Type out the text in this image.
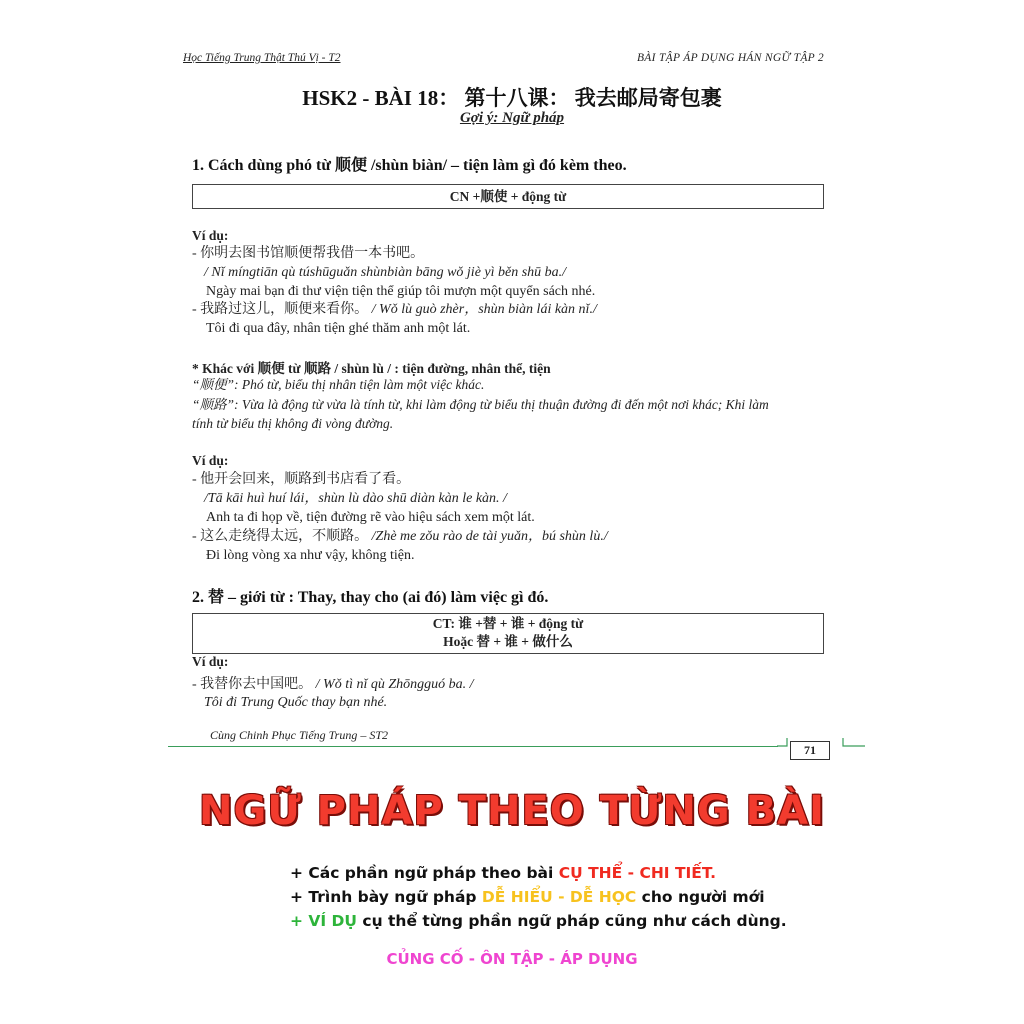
Học Tiếng Trung Thật Thú Vị - T2	BÀI TẬP ÁP DỤNG HÁN NGỮ TẬP 2
HSK2 - BÀI 18： 第十八课： 我去邮局寄包裹
Gợi ý: Ngữ pháp
1. Cách dùng phó từ 顺便 /shùn biàn/ – tiện làm gì đó kèm theo.
CN +顺使 + động từ
Ví dụ:
- 你明去图书馆顺便帮我借一本书吧。
/ Nǐ míngtiān qù túshūguǎn shùnbiàn bāng wǒ jiè yì běn shū ba./
Ngày mai bạn đi thư viện tiện thể giúp tôi mượn một quyển sách nhé.
- 我路过这儿，顺便来看你。 / Wǒ lù guò zhèr，shùn biàn lái kàn nǐ./
Tôi đi qua đây, nhân tiện ghé thăm anh một lát.
* Khác với 顺便 từ 顺路 / shùn lù / : tiện đường, nhân thể, tiện
“顺便”: Phó từ, biểu thị nhân tiện làm một việc khác.
“顺路”: Vừa là động từ vừa là tính từ, khi làm động từ biểu thị thuận đường đi đến một nơi khác; Khi làm tính từ biểu thị không đi vòng đường.
Ví dụ:
- 他开会回来，顺路到书店看了看。
/Tā kāi huì huí lái，shùn lù dào shū diàn kàn le kàn. /
Anh ta đi họp về, tiện đường rẽ vào hiệu sách xem một lát.
- 这么走绕得太远，不顺路。 /Zhè me zǒu rào de tài yuǎn，bú shùn lù./
Đi lòng vòng xa như vậy, không tiện.
2. 替 – giới từ : Thay, thay cho (ai đó) làm việc gì đó.
CT: 谁 +替 + 谁 + động từ
Hoặc 替 + 谁 + 做什么
Ví dụ:
- 我替你去中国吧。 / Wǒ tì nǐ qù Zhōngguó ba. /
Tôi đi Trung Quốc thay bạn nhé.
Cùng Chinh Phục Tiếng Trung – ST2
71
NGỮ PHÁP THEO TỪNG BÀI
+ Các phần ngữ pháp theo bài CỤ THỂ - CHI TIẾT.
+ Trình bày ngữ pháp DỄ HIỂU - DỄ HỌC cho người mới
+ VÍ DỤ cụ thể từng phần ngữ pháp cũng như cách dùng.
CỦNG CỐ - ÔN TẬP - ÁP DỤNG
